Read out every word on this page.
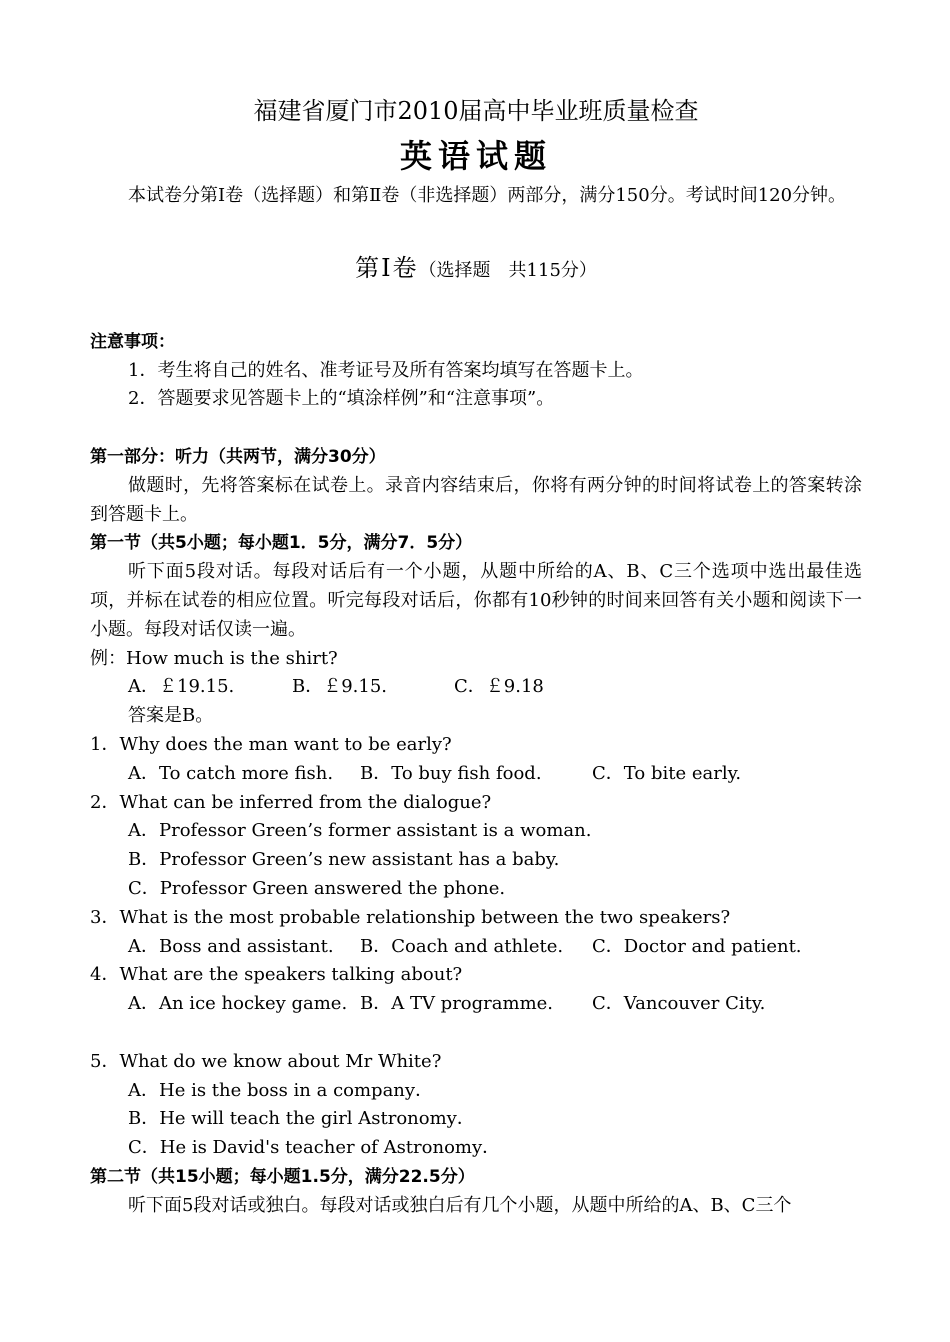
福建省厦门市2010届高中毕业班质量检查

英语试题

本试卷分第Ⅰ卷（选择题）和第Ⅱ卷（非选择题）两部分，满分150分。考试时间120分钟。

第Ⅰ卷（选择题　共115分）

注意事项：

1．考生将自己的姓名、准考证号及所有答案均填写在答题卡上。

2．答题要求见答题卡上的“填涂样例”和“注意事项”。

第一部分：听力（共两节，满分30分）

做题时，先将答案标在试卷上。录音内容结束后，你将有两分钟的时间将试卷上的答案转涂到答题卡上。

第一节（共5小题；每小题1．5分，满分7．5分）

听下面5段对话。每段对话后有一个小题，从题中所给的A、B、C三个选项中选出最佳选项，并标在试卷的相应位置。听完每段对话后，你都有10秒钟的时间来回答有关小题和阅读下一小题。每段对话仅读一遍。

例：How much is the shirt?

A．￡19.15.	B．￡9.15.	C．￡9.18

答案是B。

1．Why does the man want to be early?

A．To catch more fish.	B．To buy fish food.	C．To bite early.

2．What can be inferred from the dialogue?

A．Professor Green’s former assistant is a woman.

B．Professor Green’s new assistant has a baby.

C．Professor Green answered the phone.

3．What is the most probable relationship between the two speakers?

A．Boss and assistant.	B．Coach and athlete.	C．Doctor and patient.

4．What are the speakers talking about?

A．An ice hockey game. B．A TV programme.	C．Vancouver City.

5．What do we know about Mr White?

A．He is the boss in a company．

B．He will teach the girl Astronomy．

C．He is David's teacher of Astronomy．

第二节（共15小题；每小题1.5分，满分22.5分）

听下面5段对话或独白。每段对话或独白后有几个小题，从题中所给的A、B、C三个
